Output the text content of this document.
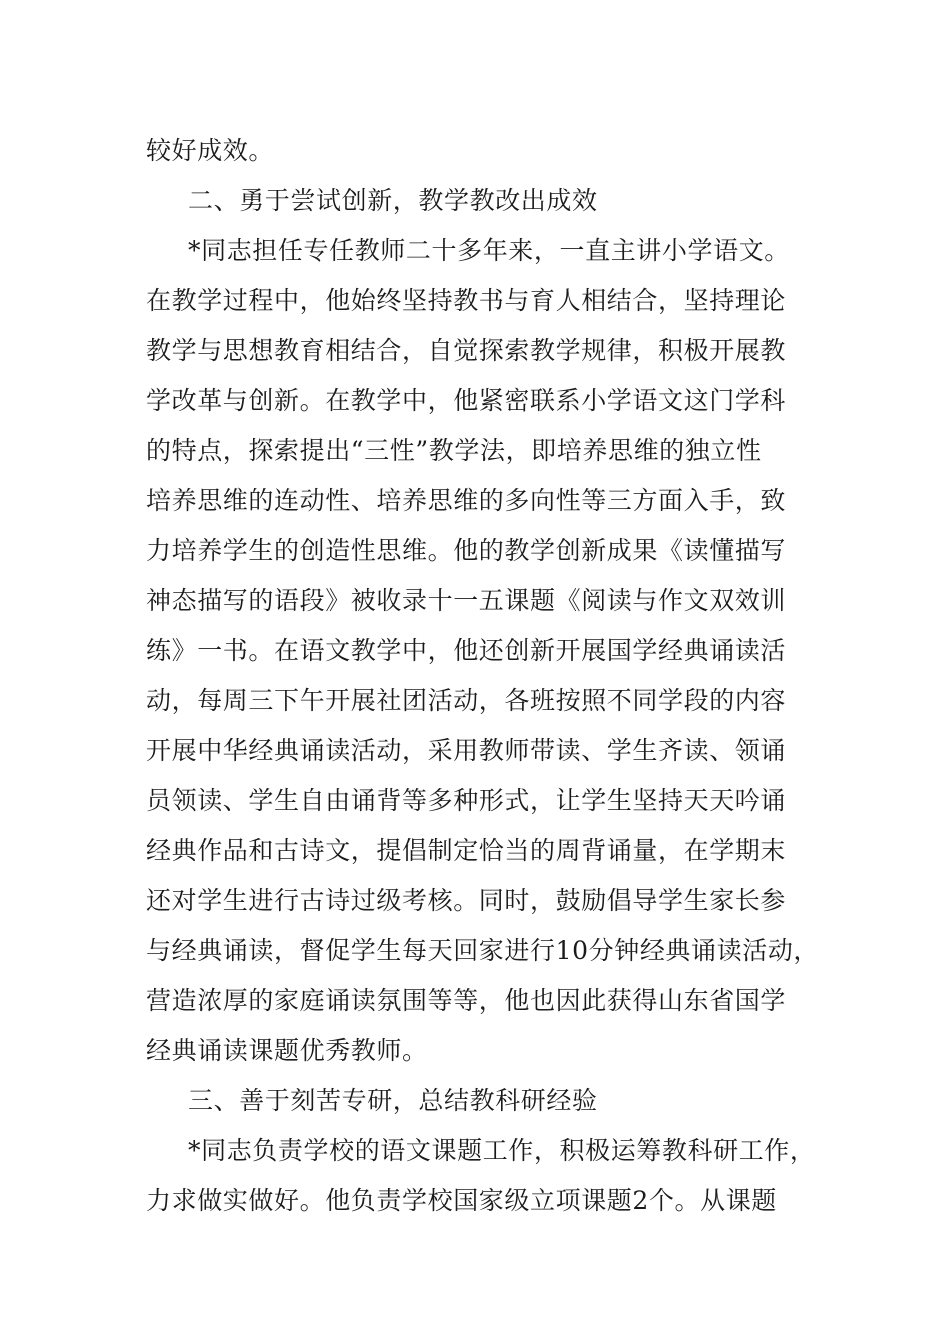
较好成效。
二、勇于尝试创新，教学教改出成效
*同志担任专任教师二十多年来，一直主讲小学语文。
在教学过程中，他始终坚持教书与育人相结合，坚持理论
教学与思想教育相结合，自觉探索教学规律，积极开展教
学改革与创新。在教学中，他紧密联系小学语文这门学科
的特点，探索提出“三性”教学法，即培养思维的独立性
培养思维的连动性、培养思维的多向性等三方面入手，致
力培养学生的创造性思维。他的教学创新成果《读懂描写
神态描写的语段》被收录十一五课题《阅读与作文双效训
练》一书。在语文教学中，他还创新开展国学经典诵读活
动，每周三下午开展社团活动，各班按照不同学段的内容
开展中华经典诵读活动，采用教师带读、学生齐读、领诵
员领读、学生自由诵背等多种形式，让学生坚持天天吟诵
经典作品和古诗文，提倡制定恰当的周背诵量，在学期末
还对学生进行古诗过级考核。同时，鼓励倡导学生家长参
与经典诵读，督促学生每天回家进行10分钟经典诵读活动，
营造浓厚的家庭诵读氛围等等，他也因此获得山东省国学
经典诵读课题优秀教师。
三、善于刻苦专研，总结教科研经验
*同志负责学校的语文课题工作，积极运筹教科研工作，
力求做实做好。他负责学校国家级立项课题2个。从课题
